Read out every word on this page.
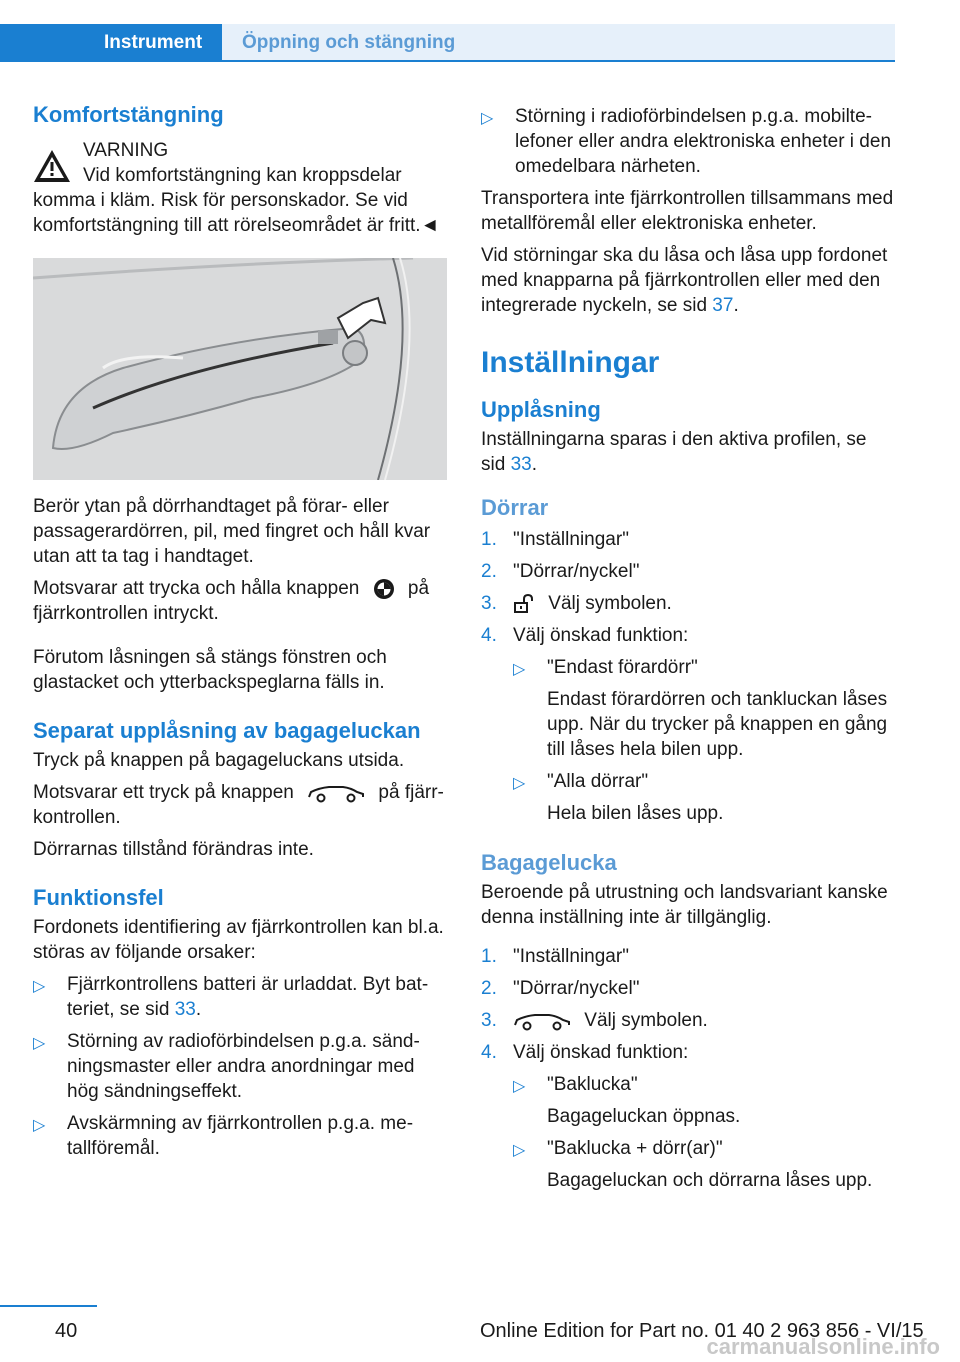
Instrument	Öppning och stängning
Komfortstängning
VARNING
Vid komfortstängning kan kroppsdelar komma i kläm. Risk för personskador. Se vid komfortstängning till att rörelseområdet är fritt.◄

Berör ytan på dörrhandtaget på förar- eller passagerardörren, pil, med fingret och håll kvar utan att ta tag i handtaget.

Motsvarar att trycka och hålla knappen	på fjärrkontrollen intryckt.

Förutom låsningen så stängs fönstren och glastacket och ytterbackspeglarna fälls in.

Separat upplåsning av bagageluckan

Tryck på knappen på bagageluckans utsida.

Motsvarar ett tryck på knappen	på fjärrkontrollen.

Dörrarnas tillstånd förändras inte.

Funktionsfel

Fordonets identifiering av fjärrkontrollen kan bl.a. störas av följande orsaker:

▷ Fjärrkontrollens batteri är urladdat. Byt batteriet, se sid 33.
▷ Störning av radioförbindelsen p.g.a. sändningsmaster eller andra anordningar med hög sändningseffekt.
▷ Avskärmning av fjärrkontrollen p.g.a. metallföremål.
▷ Störning i radioförbindelsen p.g.a. mobiltelefoner eller andra elektroniska enheter i den omedelbara närheten.

Transportera inte fjärrkontrollen tillsammans med metallföremål eller elektroniska enheter.

Vid störningar ska du låsa och låsa upp fordonet med knapparna på fjärrkontrollen eller med den integrerade nyckeln, se sid 37.

Inställningar
Upplåsning

Inställningarna sparas i den aktiva profilen, se sid 33.

Dörrar
1. "Inställningar"
2. "Dörrar/nyckel"
3.	Välj symbolen.
4. Välj önskad funktion:
▷ "Endast förardörr"
Endast förardörren och tankluckan låses upp. När du trycker på knappen en gång till låses hela bilen upp.
▷ "Alla dörrar"
Hela bilen låses upp.
Bagagelucka

Beroende på utrustning och landsvariant kanske denna inställning inte är tillgänglig.

1. "Inställningar"
2. "Dörrar/nyckel"
3.	Välj symbolen.
4. Välj önskad funktion:
▷ "Baklucka"
Bagageluckan öppnas.
▷ "Baklucka + dörr(ar)"
Bagageluckan och dörrarna låses upp.
40	Online Edition for Part no. 01 40 2 963 856 - VI/15
carmanualsonline.info
